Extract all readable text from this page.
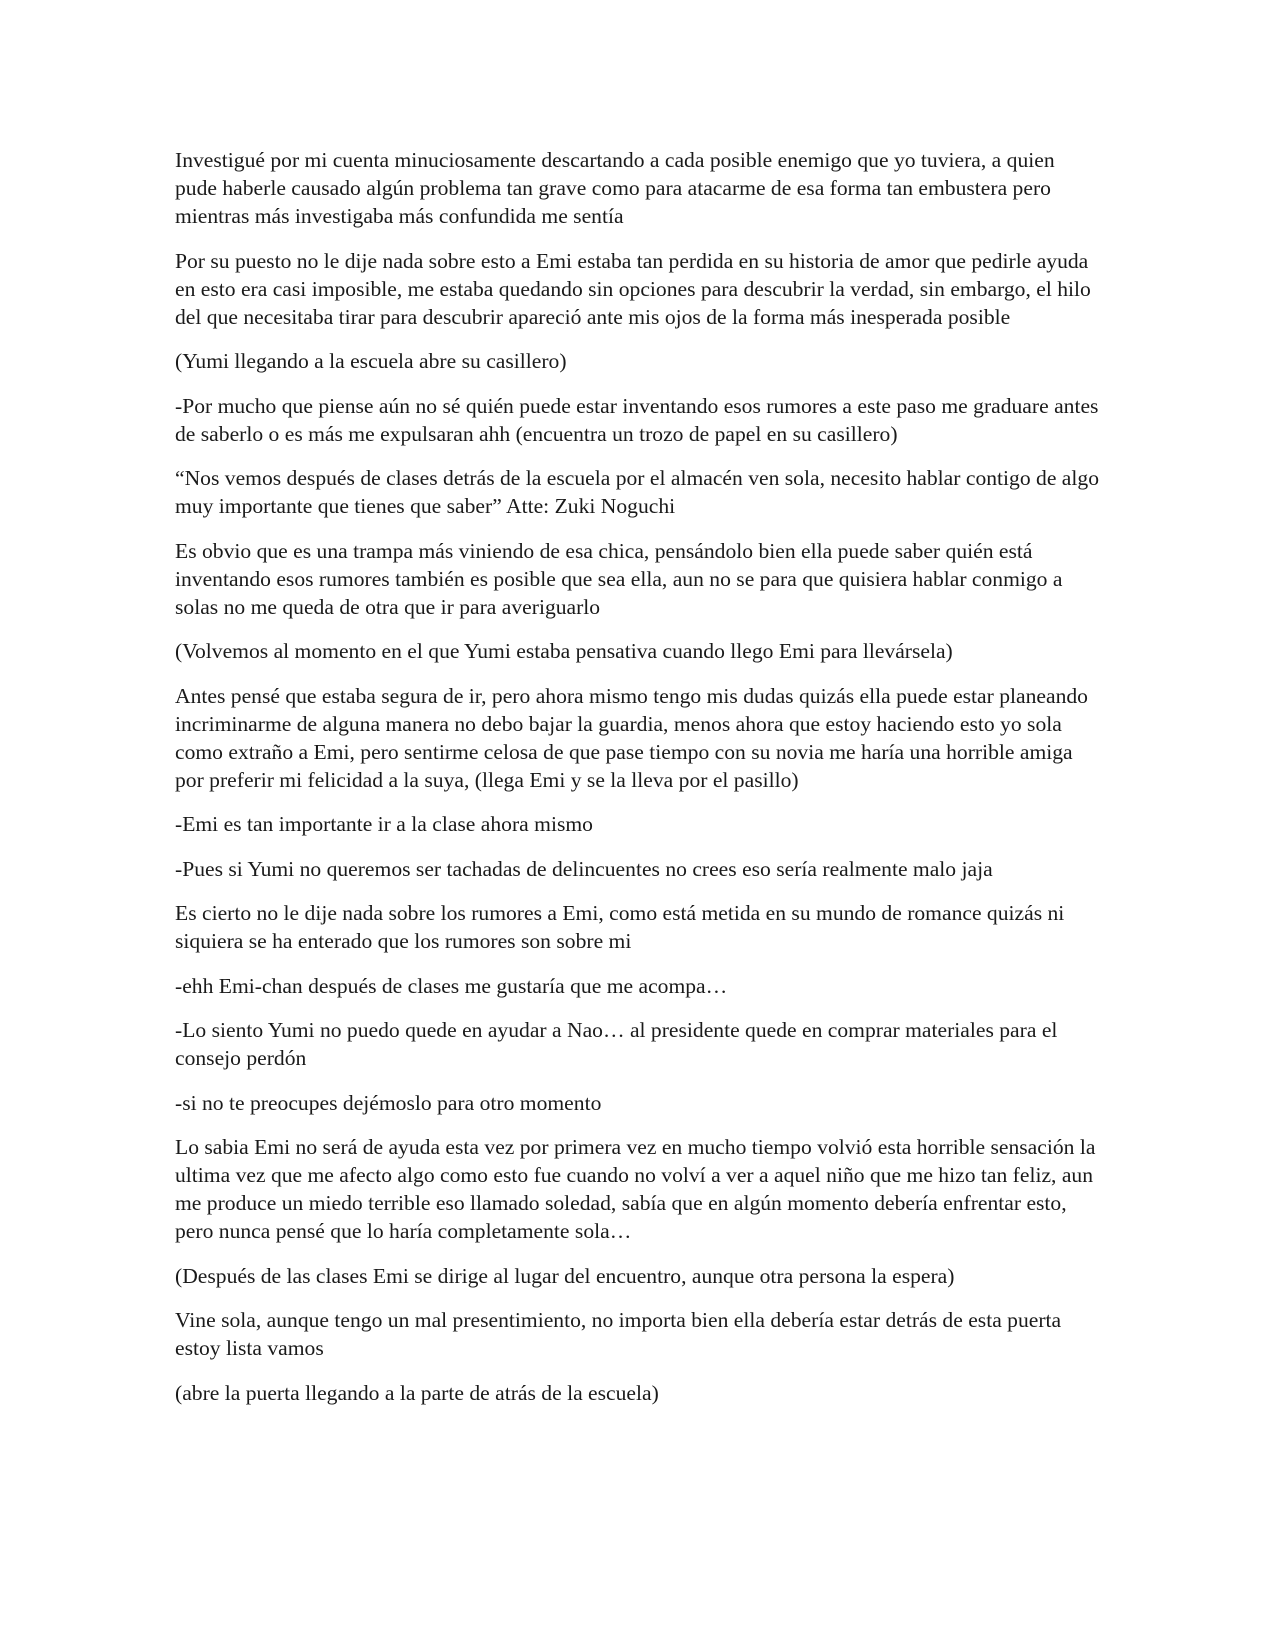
Investigué por mi cuenta minuciosamente descartando a cada posible enemigo que yo tuviera, a quien pude haberle causado algún problema tan grave como para atacarme de esa forma tan embustera pero mientras más investigaba más confundida me sentía

Por su puesto no le dije nada sobre esto a Emi estaba tan perdida en su historia de amor que pedirle ayuda en esto era casi imposible, me estaba quedando sin opciones para descubrir la verdad, sin embargo, el hilo del que necesitaba tirar para descubrir apareció ante mis ojos de la forma más inesperada posible

(Yumi llegando a la escuela abre su casillero)

-Por mucho que piense aún no sé quién puede estar inventando esos rumores a este paso me graduare antes de saberlo o es más me expulsaran ahh (encuentra un trozo de papel en su casillero)

“Nos vemos después de clases detrás de la escuela por el almacén ven sola, necesito hablar contigo de algo muy importante que tienes que saber” Atte: Zuki Noguchi

Es obvio que es una trampa más viniendo de esa chica, pensándolo bien ella puede saber quién está inventando esos rumores también es posible que sea ella, aun no se para que quisiera hablar conmigo a solas no me queda de otra que ir para averiguarlo

(Volvemos al momento en el que Yumi estaba pensativa cuando llego Emi para llevársela)

Antes pensé que estaba segura de ir, pero ahora mismo tengo mis dudas quizás ella puede estar planeando incriminarme de alguna manera no debo bajar la guardia, menos ahora que estoy haciendo esto yo sola como extraño a Emi, pero sentirme celosa de que pase tiempo con su novia me haría una horrible amiga por preferir mi felicidad a la suya, (llega Emi y se la lleva por el pasillo)

-Emi es tan importante ir a la clase ahora mismo

-Pues si Yumi no queremos ser tachadas de delincuentes no crees eso sería realmente malo jaja

Es cierto no le dije nada sobre los rumores a Emi, como está metida en su mundo de romance quizás ni siquiera se ha enterado que los rumores son sobre mi

-ehh Emi-chan después de clases me gustaría que me acompa…

-Lo siento Yumi no puedo quede en ayudar a Nao… al presidente quede en comprar materiales para el consejo perdón

-si no te preocupes dejémoslo para otro momento

Lo sabia Emi no será de ayuda esta vez por primera vez en mucho tiempo volvió esta horrible sensación la ultima vez que me afecto algo como esto fue cuando no volví a ver a aquel niño que me hizo tan feliz, aun me produce un miedo terrible eso llamado soledad, sabía que en algún momento debería enfrentar esto, pero nunca pensé que lo haría completamente sola…

(Después de las clases Emi se dirige al lugar del encuentro, aunque otra persona la espera)

Vine sola, aunque tengo un mal presentimiento, no importa bien ella debería estar detrás de esta puerta estoy lista vamos

(abre la puerta llegando a la parte de atrás de la escuela)
